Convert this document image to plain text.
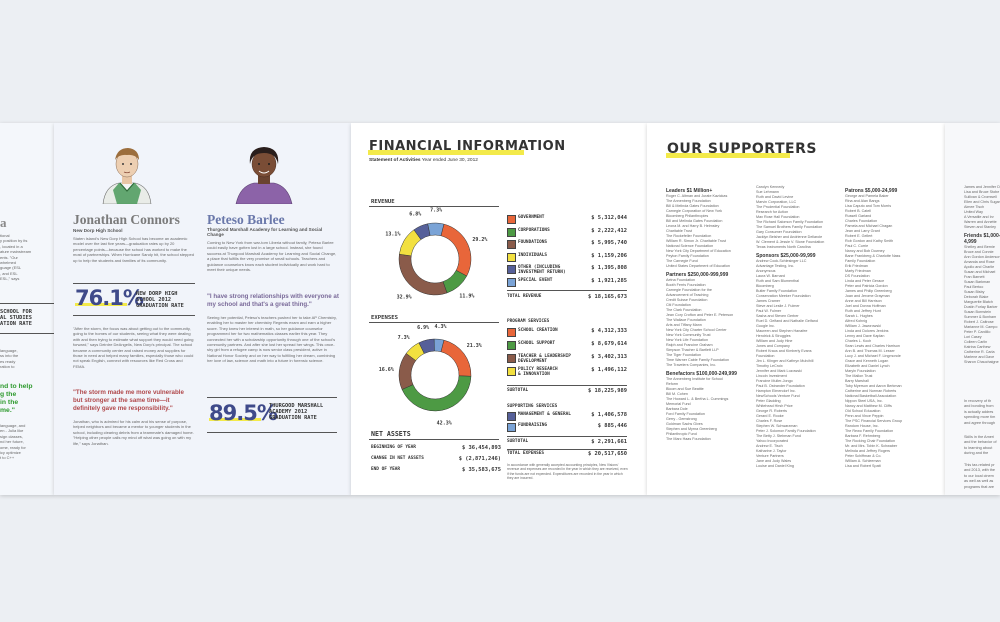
a
tional
y position by its
, located in a
ature mainstream
ents. "Our
whelmed
guage (ESL
, and ESL
ESL," says
SCHOOL FOR
AL STUDIES
ATION RATE
language,
ss into the
es ready
ration to
nd to help
g the
in the
me."
language, and
en - Julia like
sign classes,
nd her future,
ome, ready for
icy optimize
t to C++
Jonathan Connors
New Dorp High School
Staten Island's New Dorp High School has become an academic model over the last five years—graduation rates up by 20 percentage points—because the school has worked to make the most of partnerships. When Hurricane Sandy hit, the school stepped up to help the students and families of its community.
76.1%
NEW DORP HIGH
SCHOOL 2012
GRADUATION RATE
"After the storm, the focus was about getting out to the community, going to the homes of our students, seeing what they were dealing with and then trying to estimate what support they would need going forward," says Deirdre DeAngelis, New Dorp's principal. The school became a community center and raised money and supplies for those in need and helped many families, especially those who could not speak English, connect with resources like Red Cross and FEMA.
"The storm made me more vulnerable but stronger at the same time—it definitely gave me responsibility."
Jonathan, who is admired for his calm and his sense of purpose, helped neighbors and became a mentor to younger students in the school, including clearing debris from a teammate's damaged home. "Helping other people calls my mind off what was going on with my life," says Jonathan.
Peteso Barlee
Thurgood Marshall Academy for Learning and Social Change
Coming to New York from war-torn Liberia without family, Peteso Barlee could easily have gotten lost in a large school. Instead, she found success at Thurgood Marshall Academy for Learning and Social Change, a place that fulfills the very promise of small schools. Teachers and guidance counselors know each student individually and work hard to meet their unique needs.
"I have strong relationships with everyone at my school and that's a great thing."
Seeing her potential, Peteso's teachers pushed her to take AP Chemistry, enabling her to master her chemistry Regents exam and earn a higher score. They knew her interest in math, so her guidance counselor programmed her for two mathematics classes earlier this year. They connected her with a scholarship opportunity through one of the school's community partners. And after she lost her spread her wings. This once-shy girl from a refugee camp is now senior class president, active in National Honor Society and on her way to fulfilling her dream, combining her love of law, science and math into a future in forensic science.
89.5%
THURGOOD MARSHALL
ACADEMY 2012
GRADUATION RATE
FINANCIAL INFORMATION
Statement of Activities Year ended June 30, 2012
REVENUE
29.2%
11.9%
32.9%
13.1%
6.8%
7.3%
EXPENSES
21.3%
42.3%
16.6%
7.3%
6.9% 4.3%
NET ASSETS
BEGINNING OF YEAR	$ 36,454,893
CHANGE IN NET ASSETS	$ (2,871,246)
END OF YEAR	$ 35,583,675
GOVERNMENT	$ 5,312,044
CORPORATIONS	$ 2,222,412
FOUNDATIONS	$ 5,995,740
INDIVIDUALS	$ 1,159,206
OTHER (INCLUDING
INVESTMENT RETURN)
$ 1,395,808
SPECIAL EVENT	$ 1,921,285
TOTAL REVENUE	$ 18,165,673
PROGRAM SERVICES
SCHOOL CREATION	$ 4,312,333
SCHOOL SUPPORT	$ 8,679,614
TEACHER & LEADERSHIP
DEVELOPMENT
$ 3,402,313
POLICY RESEARCH
& INNOVATION
$ 1,496,112
SUBTOTAL	$ 18,225,989
SUPPORTING SERVICES
MANAGEMENT & GENERAL	$ 1,406,578
FUNDRAISING	$ 885,446
SUBTOTAL	$ 2,291,661
TOTAL EXPENSES	$ 20,517,650
In accordance with generally accepted accounting principles, New Visions' revenue and expenses are recorded in the year in which they are received, even if the funds are not expended. Expenditures are recorded in the year in which they are incurred.
OUR SUPPORTERS
Leaders $1 Million+
Roger C. Altman and Jurate Kazickas
The Annenberg Foundation
Bill & Melinda Gates Foundation
Carnegie Corporation of New York
Bloomberg Philanthropies
Bill and Melinda Gates Foundation
Leona M. and Harry B. Helmsley
Charitable Trust
The Rockefeller Foundation
William R. Simon Jr. Charitable Trust
National Science Foundation
New York City Department of Education
Peyton Family Foundation
The Carnegie Fund
United States Department of Education
Partners $250,000-999,999
Aetna Foundation
Booth Ferris Foundation
Carnegie Foundation for the
Advancement of Teaching
Credit Suisse Foundation
Citi Foundation
The Clark Foundation
Jean Cory Crofton and Peter E. Peterson
The Wallace Foundation
Arts and Tiffany Mann
New York City Charter School Center
New York Community Trust
New York Life Foundation
Ralph and Francine Graham
Simpson Thacher & Bartlett LLP
The Tiger Foundation
Time Warner Cable Family Foundation
The Travelers Companies, Inc.
Benefactors $100,000-249,999
The Annenberg Institute for School
Reform
Bloom and Sue Beattie
Bill M. Cohen
The Howard L. & Bertha L. Cummings
Memorial Fund
Barbara Dole
Ford Family Foundation
Gerry - Gemstrong
Goldman Sachs Gives
Stephen and Myrna Greenberg
Philanthropic Fund
The Marc Haas Foundation
Carolyn Kennedy
Sue Lehmann
Ruth and David Levine
Marvin Corporation, LLC
The Prudential Foundation
Research for Action
Max Rose Hall Foundation
The Richard Salomon Family Foundation
The Samuel Brothers Family Foundation
Gary Consumer Foundation
Jacklyn Belsher and Andrienne Dellarole
W. Clement & Jessie V. Stone Foundation
Texas Instruments North Carolina
Sponsors $25,000-99,999
Andrew Cook-Schlesinger LLC
Advantage Testing, Inc.
Anonymous
Laura W. Barnard
Ruth and Sam Blumenthal
Bloomberg
Butler Family Foundation
Conservation Meeker Foundation
James Cramer
Steve and Leslie J. Fulmer
Paul W. Fulmer
Sasha and Steven Gerber
Ruel D. Gelfand and Nathalie Gelfand
Google Inc.
Maureen and Stephen Hanafee
Hendrick & Struggles
William and Judy Hine
Jones and Company
Robert Kraus and Kimberly Evans
Foundation
Jim L. Klinger and Kathryn Mulvihill
Timothy LeCroix
Jennifer and Mark Lozowski
Lincoln Investment
Francine Muller-Jongo
Paul B. Ostrander Foundation
Hampton Elmendorf Inc.
NewSchools Venture Fund
Peter Gladding
Whitehead Hirsh Price
George R. Roberts
Gerard E. Rooke
Charles F. Rose
Stephen W. Schwarzman
Peter J. Solomon Family Foundation
The Betty J. Stebman Fund
Yahoo Incorporated
Andrew E. Tisch
Katharine J. Taylor
Venture Partners
Jane and Judy Wales
Louise and Daniel King
Patrons $5,000-24,999
George and Pamela Baker
Rina and Alan Bangs
Lisa Caputo and Tom Morris
Robert B. Catell
Russell Garland
Charles Foundation
Pamela and Michael Chagan
Jean and Larry Grant
Robert E. Gellert
Rob Gordon and Kathy Smith
Paul C. Currie
Nancy and Bob Downey
Bane Frankberg & Charlotte Nass
Family Foundation
Erik Friedman
Marty Friedman
DS Foundation
Linda and Peter Gerace
Peter and Patricia Gordon
James and Philip Greenberg
Joan and Jerome Grayman
Anne and Bill Harrison
Joel and Donna Hoffman
Ruth and Jeffrey Hunt
Sarah L. Hughes
Alfred Kohnig
William J. Jaworowski
Linda and Dolores Jenkins
Lenny and Dave Kaplan
Charles L. Koch
Sean Lewis and Charles Harrison
Ann B. and Thomas M. Lesser
Lucy J. and Michael F. Lingmonde
Grace and Kenneth Logan
Elizabeth and Daniel Lynch
Maryln Foundation
The Mallon Trust
Barry Marshall
Toby Myerson and Aaron Berkman
Catherine and Norman Roberts
National Basketball Association
Nippon Steel USA, Inc.
Nancy and Matthew M. Cliffs
Old School Education
Penn and Vince Peppin
The PSC Financial Services Group
Random House, Inc.
The Rewo Family Foundation
Barbara F. Rehmberg
The Rocking Chair Foundation
Mr. and Mrs. Tobin K. Schwaber
Melinda and Jeffrey Rogers
Peter Schiffman & Co.
William A. Schleeman
Lisa and Robert Spatt
James and Jennifer D
Lisa and Bruce Stobe
Sullivan & Cromwell
Ellen and Chris Sugar
Aimee Tisch
United Way
A Versatile and Irv
Warren and Annette
Steven and Stanley
Friends $1,000-4,999
Shelley and Bernie
Bruce and Connie
Ann Gordon Anderson
Amanda and Rose
Apollo and Charlie
Susan and Michael
Fran Barnett
Susan Barkman
Paul Bertoo
Susan Bisby
Deborah Blake
Marguerite Blatch
Dustin Forlay Barker
Susan Bornstein
Summer & Bonham
Robert J. Caltrose
Marianne M. Campo
Peter P. Cardillo
Lori Casey
Colleen Carlin
Katrina Carthew
Catherine R. Carla
Marlene and Dave
Sharon Chauchaigne
In recovery of th
and bonding from
is actually addres
spending more tim
and agree through
Skills in the Ameri
and the behavior of
to learning about
during and the
This tax-related pr
and 2013, with the
to our local cinem
as well as well as
programs that are
